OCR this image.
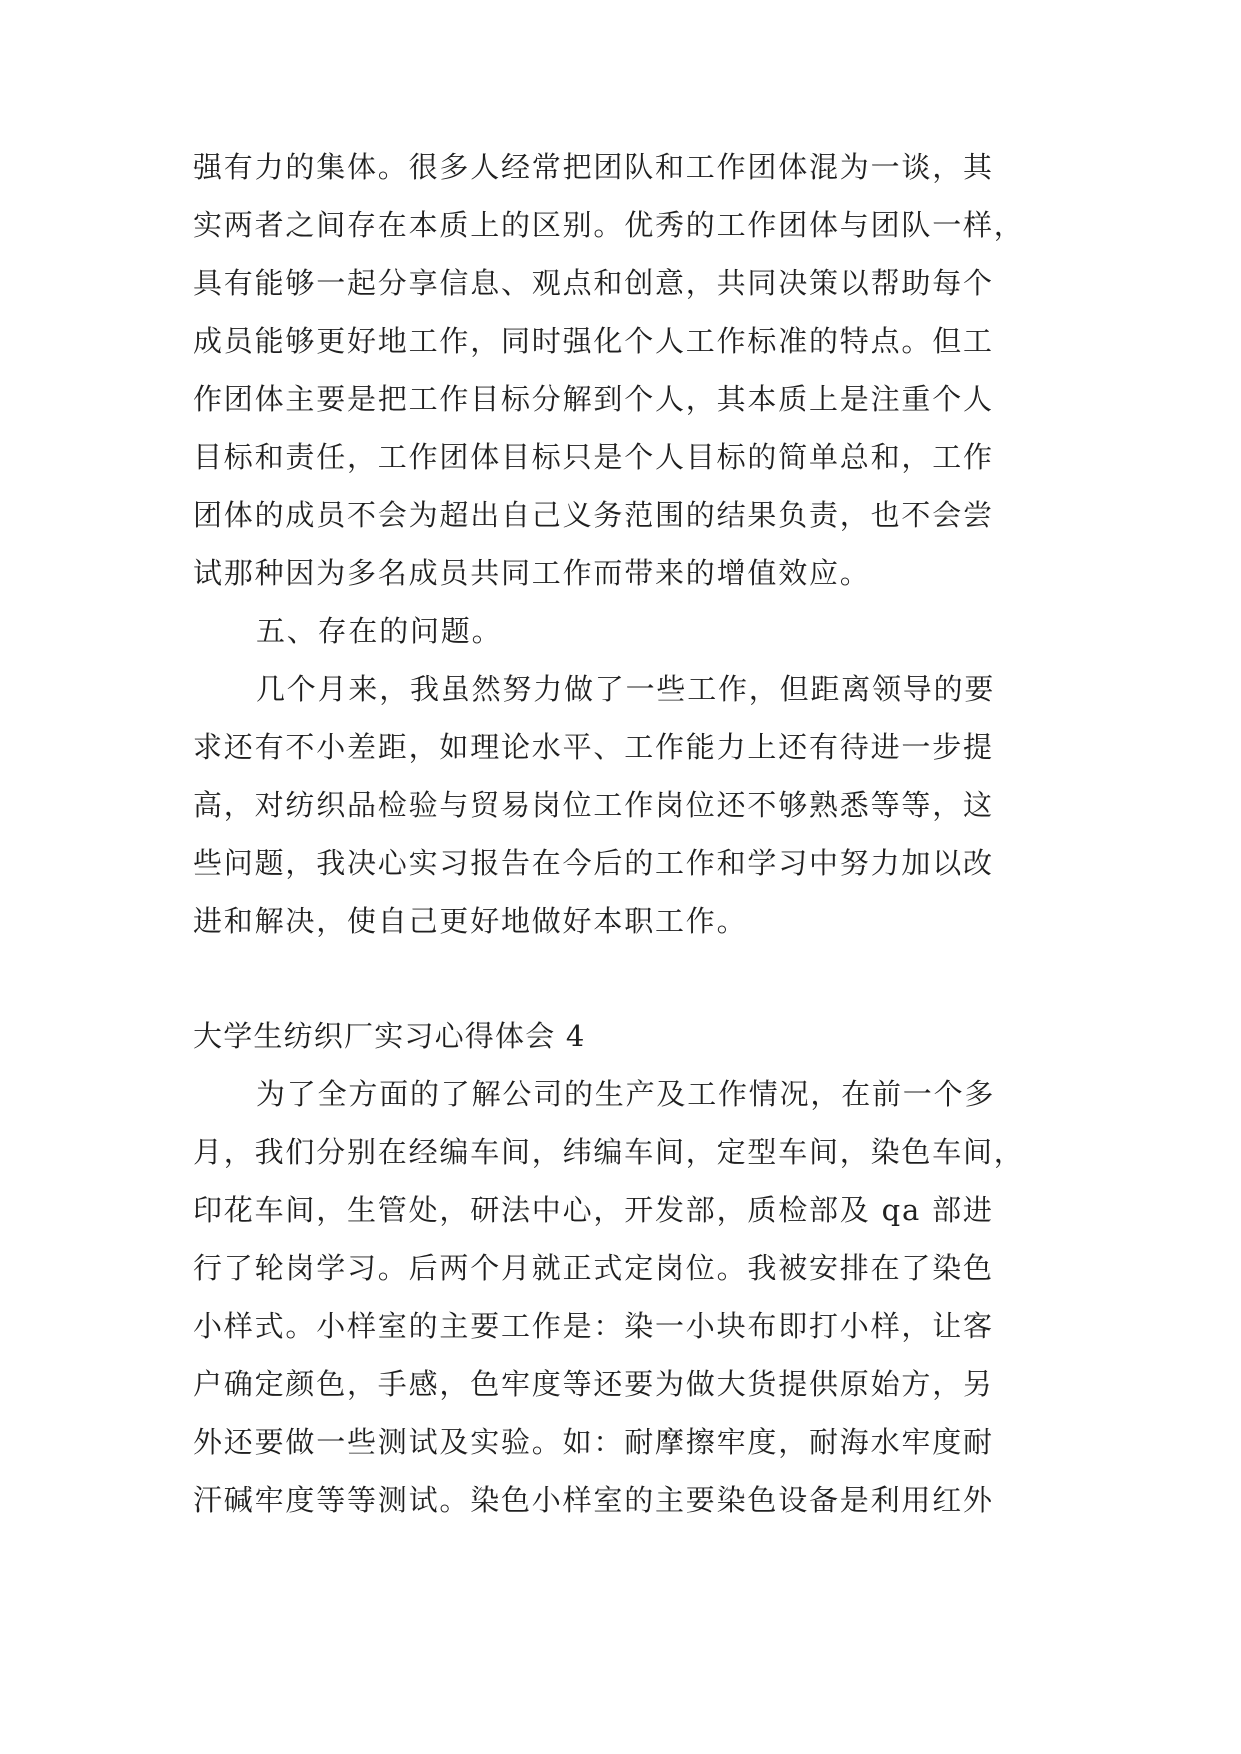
强有力的集体。很多人经常把团队和工作团体混为一谈，其
实两者之间存在本质上的区别。优秀的工作团体与团队一样，
具有能够一起分享信息、观点和创意，共同决策以帮助每个
成员能够更好地工作，同时强化个人工作标准的特点。但工
作团体主要是把工作目标分解到个人，其本质上是注重个人
目标和责任，工作团体目标只是个人目标的简单总和，工作
团体的成员不会为超出自己义务范围的结果负责，也不会尝
试那种因为多名成员共同工作而带来的增值效应。
五、存在的问题。
几个月来，我虽然努力做了一些工作，但距离领导的要
求还有不小差距，如理论水平、工作能力上还有待进一步提
高，对纺织品检验与贸易岗位工作岗位还不够熟悉等等，这
些问题，我决心实习报告在今后的工作和学习中努力加以改
进和解决，使自己更好地做好本职工作。
大学生纺织厂实习心得体会 4
为了全方面的了解公司的生产及工作情况，在前一个多
月，我们分别在经编车间，纬编车间，定型车间，染色车间，
印花车间，生管处，研法中心，开发部，质检部及 qa 部进
行了轮岗学习。后两个月就正式定岗位。我被安排在了染色
小样式。小样室的主要工作是：染一小块布即打小样，让客
户确定颜色，手感，色牢度等还要为做大货提供原始方，另
外还要做一些测试及实验。如：耐摩擦牢度，耐海水牢度耐
汗碱牢度等等测试。染色小样室的主要染色设备是利用红外
